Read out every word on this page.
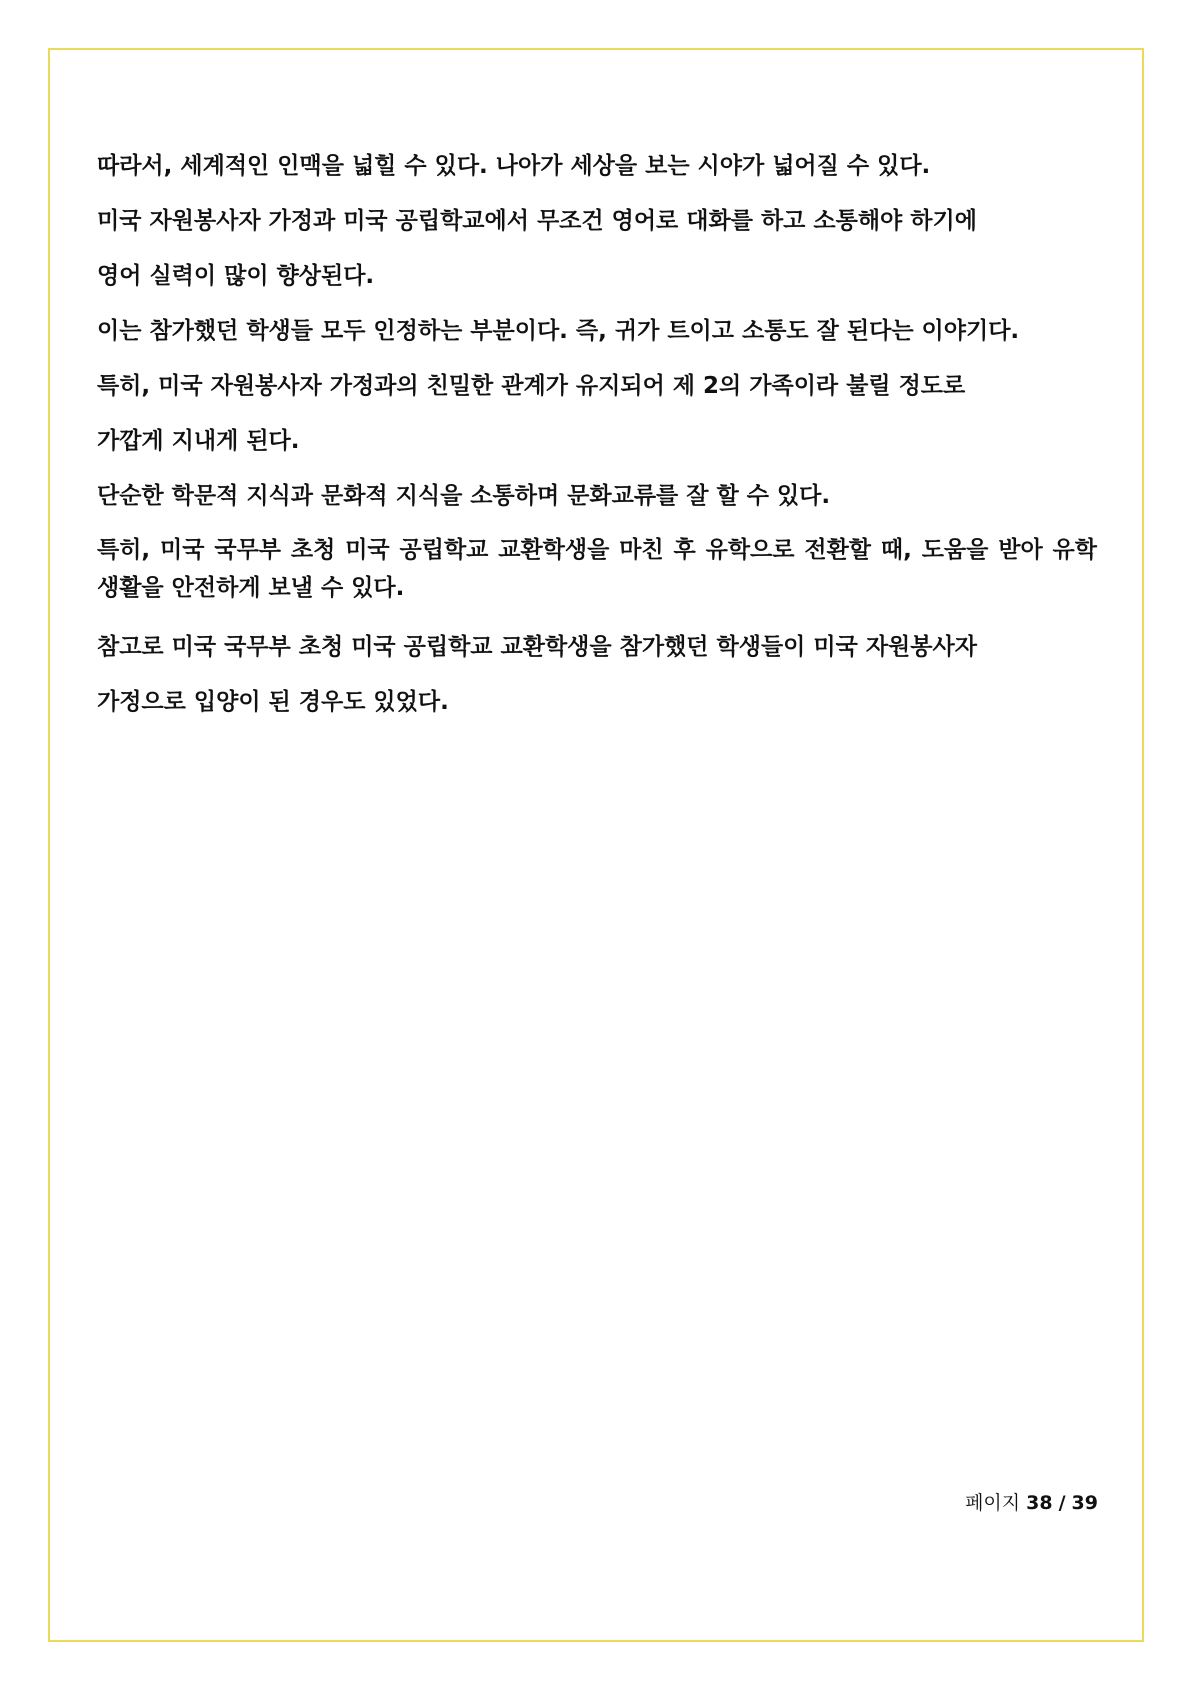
따라서, 세계적인 인맥을 넓힐 수 있다. 나아가 세상을 보는 시야가 넓어질 수 있다.

미국 자원봉사자 가정과 미국 공립학교에서 무조건 영어로 대화를 하고 소통해야 하기에

영어 실력이 많이 향상된다.

이는 참가했던 학생들 모두 인정하는 부분이다. 즉, 귀가 트이고 소통도 잘 된다는 이야기다.

특히, 미국 자원봉사자 가정과의 친밀한 관계가 유지되어 제 2의 가족이라 불릴 정도로

가깝게 지내게 된다.

단순한 학문적 지식과 문화적 지식을 소통하며 문화교류를 잘 할 수 있다.

특히, 미국 국무부 초청 미국 공립학교 교환학생을 마친 후 유학으로 전환할 때, 도움을 받아 유학 생활을 안전하게 보낼 수 있다.

참고로 미국 국무부 초청 미국 공립학교 교환학생을 참가했던 학생들이 미국 자원봉사자

가정으로 입양이 된 경우도 있었다.

페이지 38 / 39
